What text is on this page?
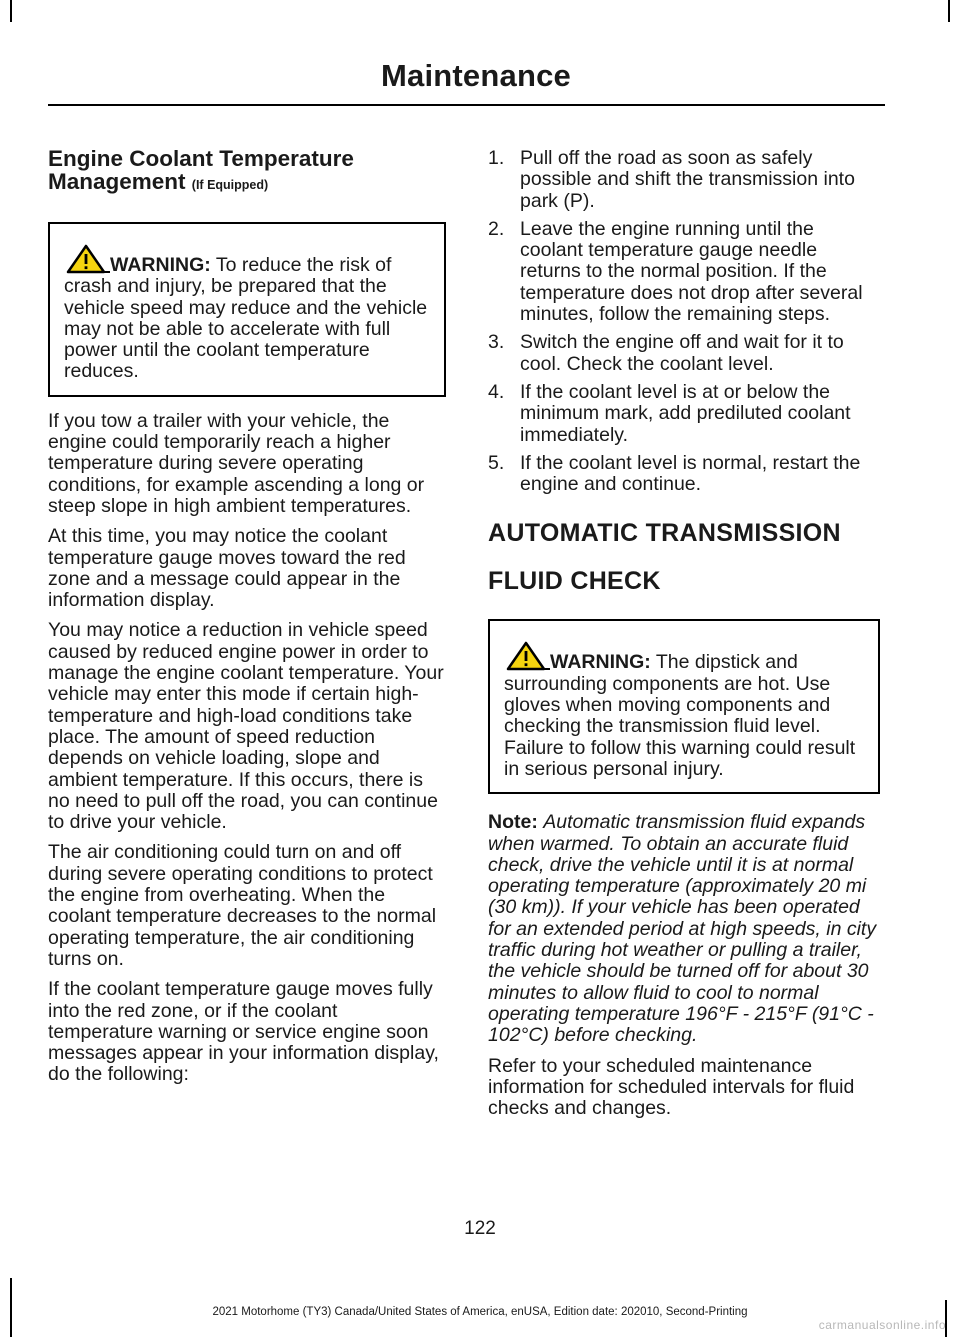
Maintenance
Engine Coolant Temperature Management (If Equipped)
WARNING: To reduce the risk of crash and injury, be prepared that the vehicle speed may reduce and the vehicle may not be able to accelerate with full power until the coolant temperature reduces.

If you tow a trailer with your vehicle, the engine could temporarily reach a higher temperature during severe operating conditions, for example ascending a long or steep slope in high ambient temperatures.

At this time, you may notice the coolant temperature gauge moves toward the red zone and a message could appear in the information display.

You may notice a reduction in vehicle speed caused by reduced engine power in order to manage the engine coolant temperature. Your vehicle may enter this mode if certain high-temperature and high-load conditions take place. The amount of speed reduction depends on vehicle loading, slope and ambient temperature. If this occurs, there is no need to pull off the road, you can continue to drive your vehicle.

The air conditioning could turn on and off during severe operating conditions to protect the engine from overheating. When the coolant temperature decreases to the normal operating temperature, the air conditioning turns on.

If the coolant temperature gauge moves fully into the red zone, or if the coolant temperature warning or service engine soon messages appear in your information display, do the following:

1. Pull off the road as soon as safely possible and shift the transmission into park (P).
2. Leave the engine running until the coolant temperature gauge needle returns to the normal position. If the temperature does not drop after several minutes, follow the remaining steps.
3. Switch the engine off and wait for it to cool. Check the coolant level.
4. If the coolant level is at or below the minimum mark, add prediluted coolant immediately.
5. If the coolant level is normal, restart the engine and continue.
AUTOMATIC TRANSMISSION
FLUID CHECK
WARNING: The dipstick and surrounding components are hot. Use gloves when moving components and checking the transmission fluid level. Failure to follow this warning could result in serious personal injury.

Note: Automatic transmission fluid expands when warmed. To obtain an accurate fluid check, drive the vehicle until it is at normal operating temperature (approximately 20 mi (30 km)). If your vehicle has been operated for an extended period at high speeds, in city traffic during hot weather or pulling a trailer, the vehicle should be turned off for about 30 minutes to allow fluid to cool to normal operating temperature 196°F - 215°F (91°C - 102°C) before checking.

Refer to your scheduled maintenance information for scheduled intervals for fluid checks and changes.

122
2021 Motorhome (TY3) Canada/United States of America, enUSA, Edition date: 202010, Second-Printing
carmanualsonline.info
